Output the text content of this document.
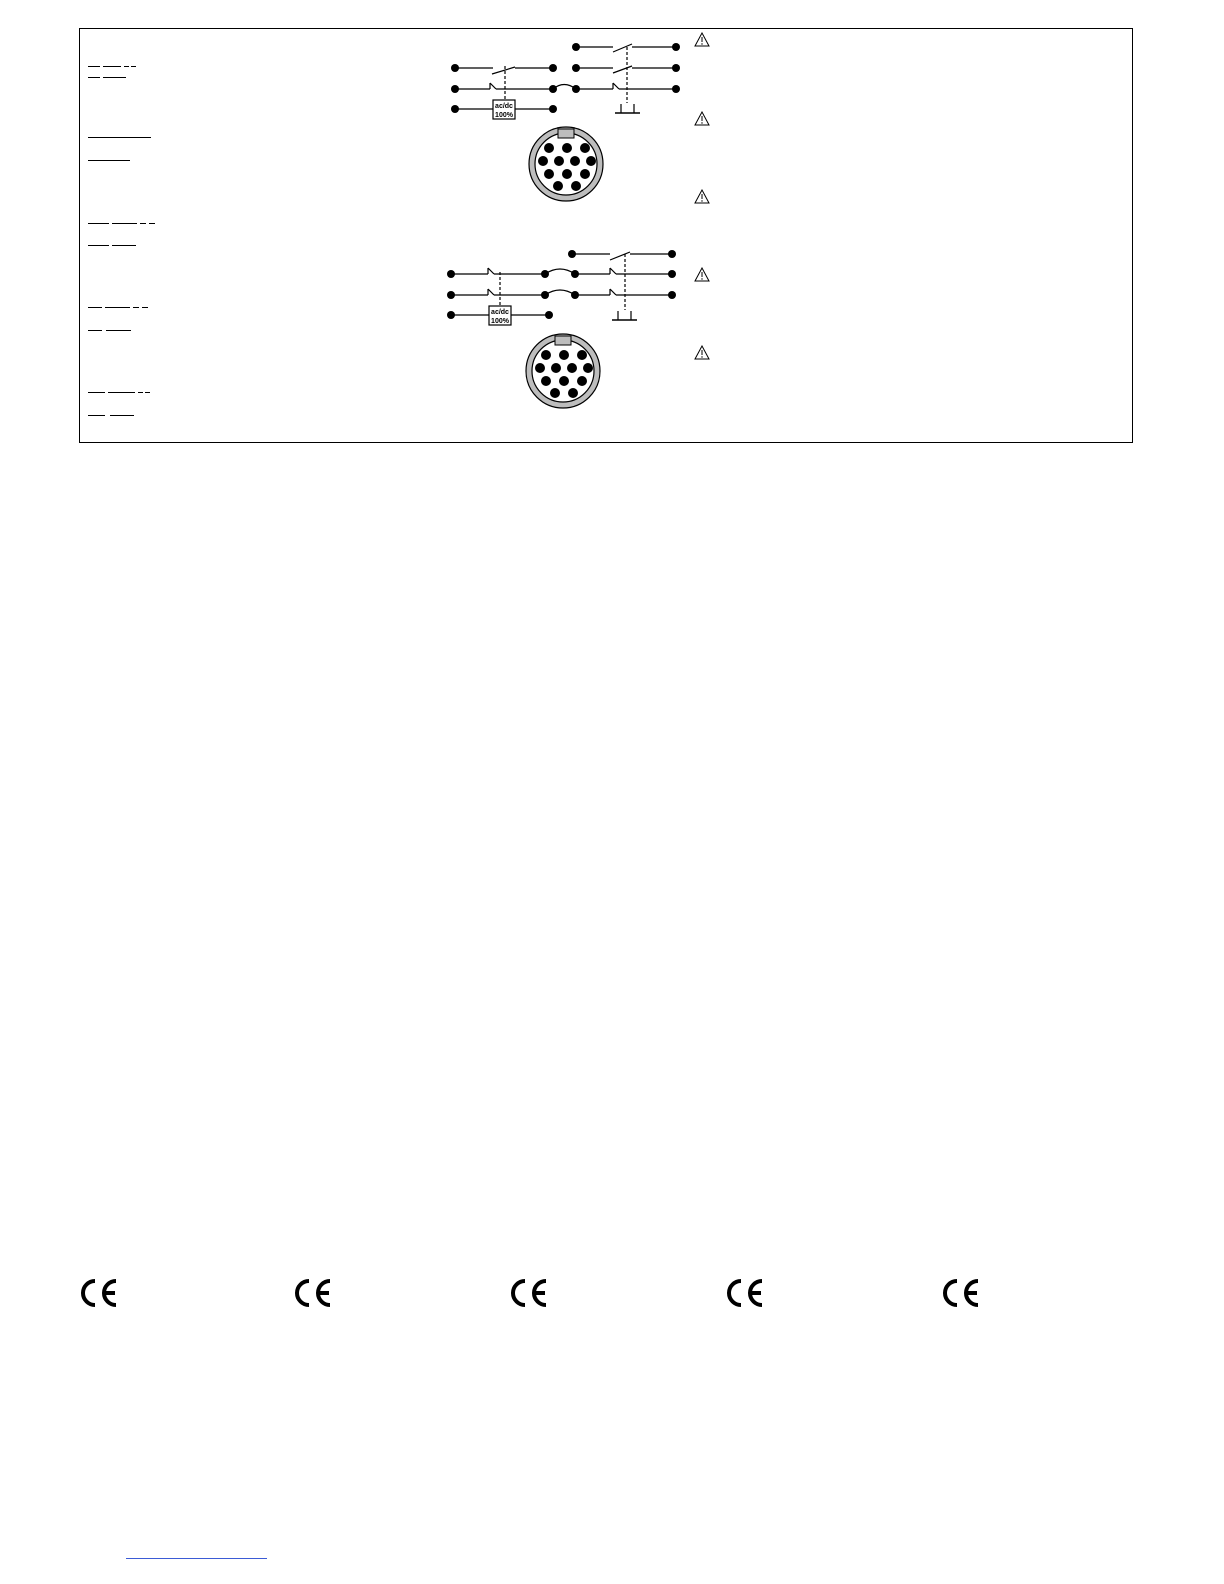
ac/dc
100%
ac/dc
100%
